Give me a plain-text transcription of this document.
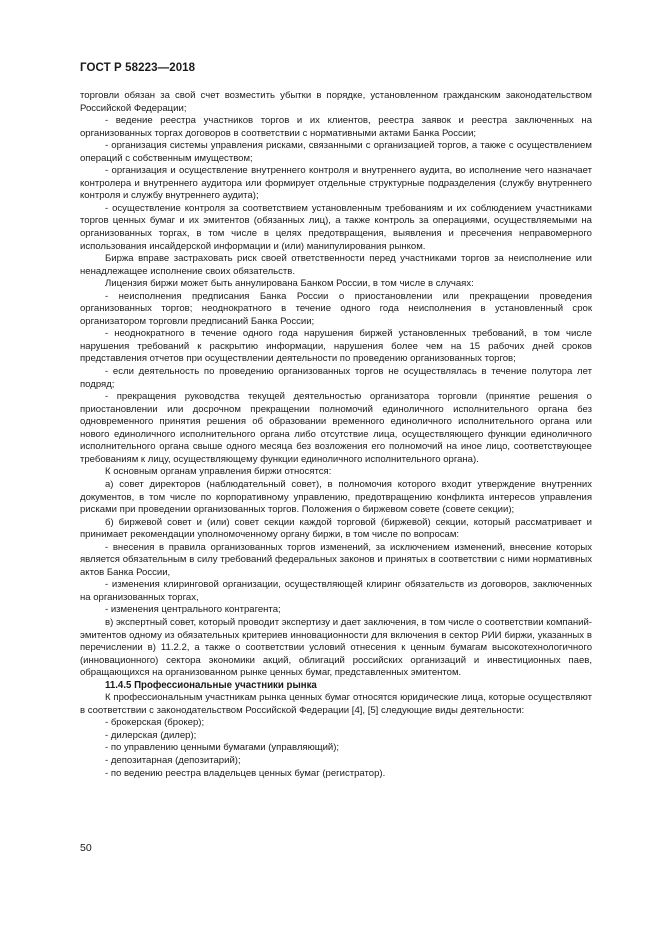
ГОСТ Р 58223—2018

торговли обязан за свой счет возместить убытки в порядке, установленном гражданским законодательством Российской Федерации;

- ведение реестра участников торгов и их клиентов, реестра заявок и реестра заключенных на организованных торгах договоров в соответствии с нормативными актами Банка России;

- организация системы управления рисками, связанными с организацией торгов, а также с осуществлением операций с собственным имуществом;

- организация и осуществление внутреннего контроля и внутреннего аудита, во исполнение чего назначает контролера и внутреннего аудитора или формирует отдельные структурные подразделения (службу внутреннего контроля и службу внутреннего аудита);

- осуществление контроля за соответствием установленным требованиям и их соблюдением участниками торгов ценных бумаг и их эмитентов (обязанных лиц), а также контроль за операциями, осуществляемыми на организованных торгах, в том числе в целях предотвращения, выявления и пресечения неправомерного использования инсайдерской информации и (или) манипулирования рынком.

Биржа вправе застраховать риск своей ответственности перед участниками торгов за неисполнение или ненадлежащее исполнение своих обязательств.

Лицензия биржи может быть аннулирована Банком России, в том числе в случаях:

- неисполнения предписания Банка России о приостановлении или прекращении проведения организованных торгов; неоднократного в течение одного года неисполнения в установленный срок организатором торговли предписаний Банка России;

- неоднократного в течение одного года нарушения биржей установленных требований, в том числе нарушения требований к раскрытию информации, нарушения более чем на 15 рабочих дней сроков представления отчетов при осуществлении деятельности по проведению организованных торгов;

- если деятельность по проведению организованных торгов не осуществлялась в течение полутора лет подряд;

- прекращения руководства текущей деятельностью организатора торговли (принятие решения о приостановлении или досрочном прекращении полномочий единоличного исполнительного органа без одновременного принятия решения об образовании временного единоличного исполнительного органа или нового единоличного исполнительного органа либо отсутствие лица, осуществляющего функции единоличного исполнительного органа свыше одного месяца без возложения его полномочий на иное лицо, соответствующее требованиям к лицу, осуществляющему функции единоличного исполнительного органа).

К основным органам управления биржи относятся:

а) совет директоров (наблюдательный совет), в полномочия которого входит утверждение внутренних документов, в том числе по корпоративному управлению, предотвращению конфликта интересов управления рисками при проведении организованных торгов. Положения о биржевом совете (совете секции);

б) биржевой совет и (или) совет секции каждой торговой (биржевой) секции, который рассматривает и принимает рекомендации уполномоченному органу биржи, в том числе по вопросам:

- внесения в правила организованных торгов изменений, за исключением изменений, внесение которых является обязательным в силу требований федеральных законов и принятых в соответствии с ними нормативных актов Банка России,

- изменения клиринговой организации, осуществляющей клиринг обязательств из договоров, заключенных на организованных торгах,

- изменения центрального контрагента;

в) экспертный совет, который проводит экспертизу и дает заключения, в том числе о соответствии компаний-эмитентов одному из обязательных критериев инновационности для включения в сектор РИИ биржи, указанных в перечислении в) 11.2.2, а также о соответствии условий отнесения к ценным бумагам высокотехнологичного (инновационного) сектора экономики акций, облигаций российских организаций и инвестиционных паев, обращающихся на организованном рынке ценных бумаг, представленных эмитентом.

11.4.5 Профессиональные участники рынка

К профессиональным участникам рынка ценных бумаг относятся юридические лица, которые осуществляют в соответствии с законодательством Российской Федерации [4], [5] следующие виды деятельности:

- брокерская (брокер);

- дилерская (дилер);

- по управлению ценными бумагами (управляющий);

- депозитарная (депозитарий);

- по ведению реестра владельцев ценных бумаг (регистратор).

50
